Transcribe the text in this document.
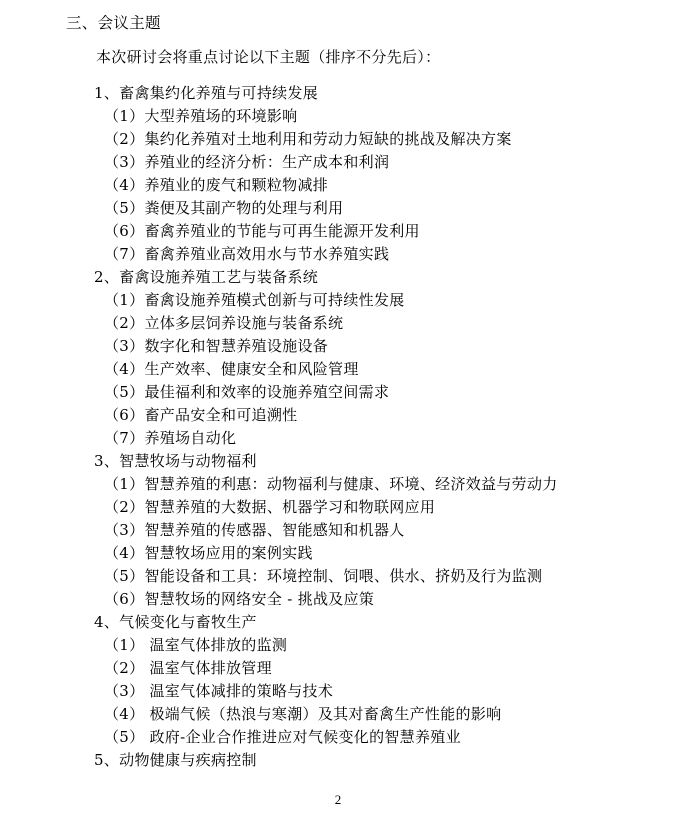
三、会议主题
本次研讨会将重点讨论以下主题（排序不分先后）：
1、畜禽集约化养殖与可持续发展
（1）大型养殖场的环境影响
（2）集约化养殖对土地利用和劳动力短缺的挑战及解决方案
（3）养殖业的经济分析：生产成本和利润
（4）养殖业的废气和颗粒物减排
（5）粪便及其副产物的处理与利用
（6）畜禽养殖业的节能与可再生能源开发利用
（7）畜禽养殖业高效用水与节水养殖实践
2、畜禽设施养殖工艺与装备系统
（1）畜禽设施养殖模式创新与可持续性发展
（2）立体多层饲养设施与装备系统
（3）数字化和智慧养殖设施设备
（4）生产效率、健康安全和风险管理
（5）最佳福利和效率的设施养殖空间需求
（6）畜产品安全和可追溯性
（7）养殖场自动化
3、智慧牧场与动物福利
（1）智慧养殖的利惠：动物福利与健康、环境、经济效益与劳动力
（2）智慧养殖的大数据、机器学习和物联网应用
（3）智慧养殖的传感器、智能感知和机器人
（4）智慧牧场应用的案例实践
（5）智能设备和工具：环境控制、饲喂、供水、挤奶及行为监测
（6）智慧牧场的网络安全 - 挑战及应策
4、气候变化与畜牧生产
（1） 温室气体排放的监测
（2） 温室气体排放管理
（3） 温室气体减排的策略与技术
（4） 极端气候（热浪与寒潮）及其对畜禽生产性能的影响
（5） 政府-企业合作推进应对气候变化的智慧养殖业
5、动物健康与疾病控制
2
